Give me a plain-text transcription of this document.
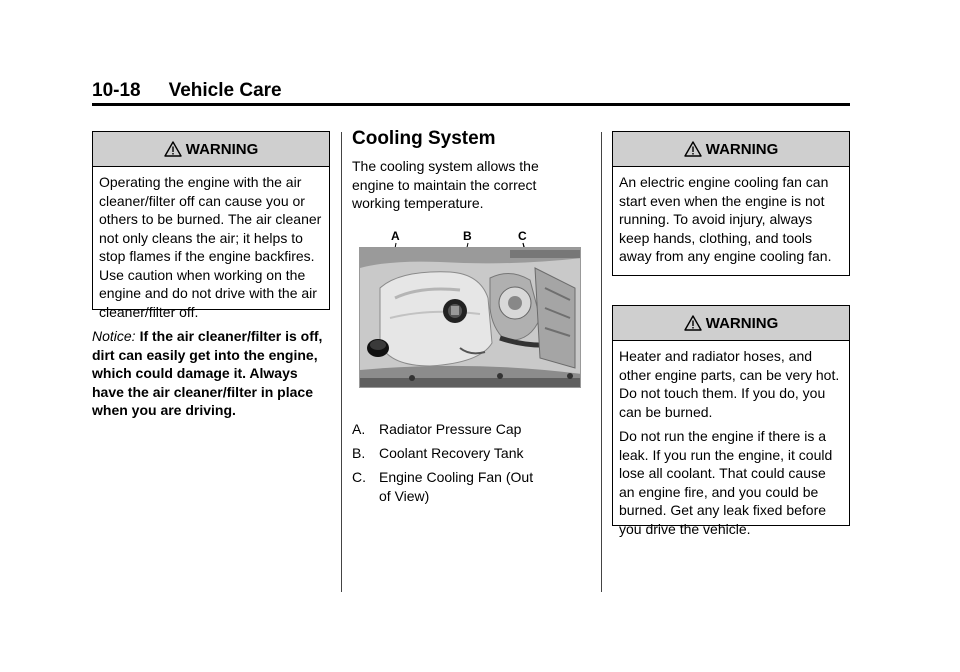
10-18 Vehicle Care
WARNING

Operating the engine with the air cleaner/filter off can cause you or others to be burned. The air cleaner not only cleans the air; it helps to stop flames if the engine backfires. Use caution when working on the engine and do not drive with the air cleaner/filter off.

Notice: If the air cleaner/filter is off, dirt can easily get into the engine, which could damage it. Always have the air cleaner/filter in place when you are driving.
Cooling System
The cooling system allows the engine to maintain the correct working temperature.
A	B	C
A. Radiator Pressure Cap
B. Coolant Recovery Tank
C. Engine Cooling Fan (Out
of View)
WARNING

An electric engine cooling fan can start even when the engine is not running. To avoid injury, always keep hands, clothing, and tools away from any engine cooling fan.

WARNING

Heater and radiator hoses, and other engine parts, can be very hot. Do not touch them. If you do, you can be burned.

Do not run the engine if there is a leak. If you run the engine, it could lose all coolant. That could cause an engine fire, and you could be burned. Get any leak fixed before you drive the vehicle.
